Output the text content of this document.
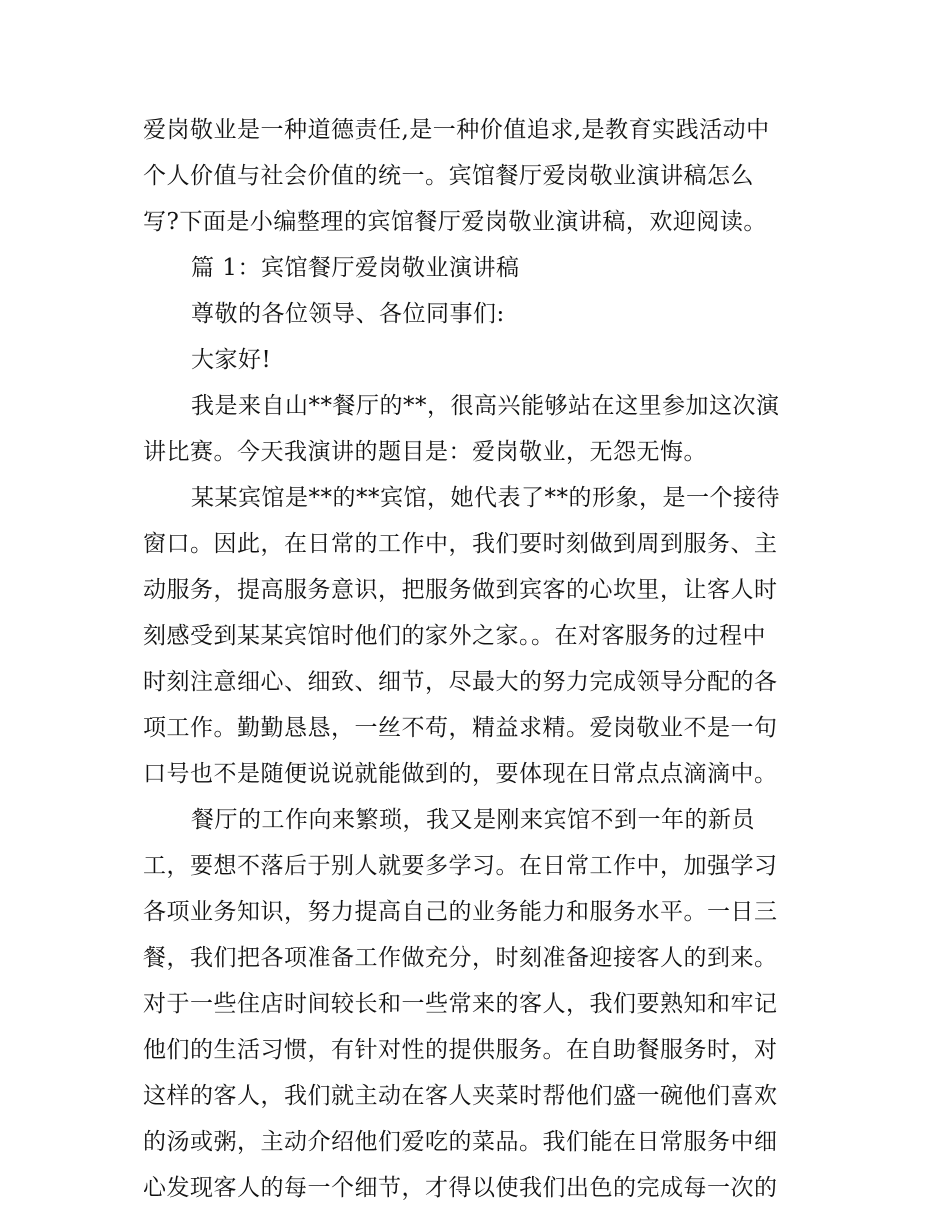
爱岗敬业是一种道德责任,是一种价值追求,是教育实践活动中
个人价值与社会价值的统一。宾馆餐厅爱岗敬业演讲稿怎么
写?下面是小编整理的宾馆餐厅爱岗敬业演讲稿，欢迎阅读。
篇 1：宾馆餐厅爱岗敬业演讲稿
尊敬的各位领导、各位同事们:
大家好!
我是来自山**餐厅的**，很高兴能够站在这里参加这次演
讲比赛。今天我演讲的题目是：爱岗敬业，无怨无悔。
某某宾馆是**的**宾馆，她代表了**的形象，是一个接待
窗口。因此，在日常的工作中，我们要时刻做到周到服务、主
动服务，提高服务意识，把服务做到宾客的心坎里，让客人时
刻感受到某某宾馆时他们的家外之家。。在对客服务的过程中
时刻注意细心、细致、细节，尽最大的努力完成领导分配的各
项工作。勤勤恳恳，一丝不苟，精益求精。爱岗敬业不是一句
口号也不是随便说说就能做到的，要体现在日常点点滴滴中。
餐厅的工作向来繁琐，我又是刚来宾馆不到一年的新员
工，要想不落后于别人就要多学习。在日常工作中，加强学习
各项业务知识，努力提高自己的业务能力和服务水平。一日三
餐，我们把各项准备工作做充分，时刻准备迎接客人的到来。
对于一些住店时间较长和一些常来的客人，我们要熟知和牢记
他们的生活习惯，有针对性的提供服务。在自助餐服务时，对
这样的客人，我们就主动在客人夹菜时帮他们盛一碗他们喜欢
的汤或粥，主动介绍他们爱吃的菜品。我们能在日常服务中细
心发现客人的每一个细节，才得以使我们出色的完成每一次的
